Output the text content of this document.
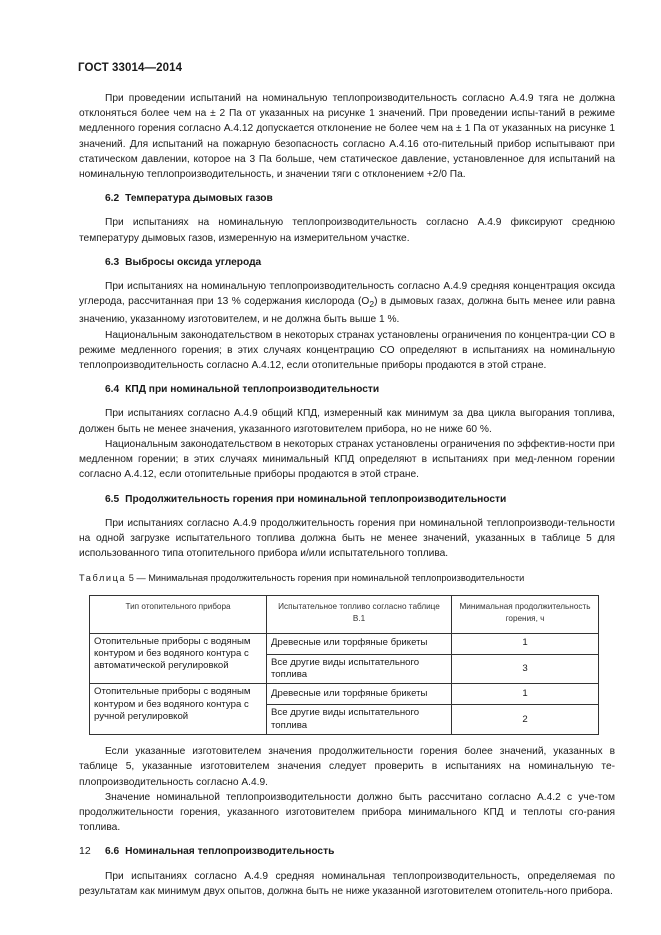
ГОСТ 33014—2014

При проведении испытаний на номинальную теплопроизводительность согласно А.4.9 тяга не должна отклоняться более чем на ± 2 Па от указанных на рисунке 1 значений. При проведении испы-таний в режиме медленного горения согласно А.4.12 допускается отклонение не более чем на ± 1 Па от указанных на рисунке 1 значений. Для испытаний на пожарную безопасность согласно А.4.16 ото-пительный прибор испытывают при статическом давлении, которое на 3 Па больше, чем статическое давление, установленное для испытаний на номинальную теплопроизводительность, и значении тяги с отклонением +2/0 Па.

6.2 Температура дымовых газов

При испытаниях на номинальную теплопроизводительность согласно А.4.9 фиксируют среднюю температуру дымовых газов, измеренную на измерительном участке.

6.3 Выбросы оксида углерода

При испытаниях на номинальную теплопроизводительность согласно А.4.9 средняя концентрация оксида углерода, рассчитанная при 13 % содержания кислорода $(O_2)$ в дымовых газах, должна быть менее или равна значению, указанному изготовителем, и не должна быть выше 1 %.

Национальным законодательством в некоторых странах установлены ограничения по концентра-ции СО в режиме медленного горения; в этих случаях концентрацию СО определяют в испытаниях на номинальную теплопроизводительность согласно А.4.12, если отопительные приборы продаются в этой стране.

6.4 КПД при номинальной теплопроизводительности

При испытаниях согласно А.4.9 общий КПД, измеренный как минимум за два цикла выгорания топлива, должен быть не менее значения, указанного изготовителем прибора, но не ниже 60 %.

Национальным законодательством в некоторых странах установлены ограничения по эффектив-ности при медленном горении; в этих случаях минимальный КПД определяют в испытаниях при мед-ленном горении согласно А.4.12, если отопительные приборы продаются в этой стране.

6.5 Продолжительность горения при номинальной теплопроизводительности

При испытаниях согласно А.4.9 продолжительность горения при номинальной теплопроизводи-тельности на одной загрузке испытательного топлива должна быть не менее значений, указанных в таблице 5 для использованного типа отопительного прибора и/или испытательного топлива.

Таблица 5 — Минимальная продолжительность горения при номинальной теплопроизводительности
Тип отопительного прибора	Испытательное топливо согласно таблице В.1	Минимальная продолжительность горения, ч
Отопительные приборы с водяным контуром и без водяного контура с автоматической регулировкой	Древесные или торфяные брикеты	1
	Все другие виды испытательного топлива	3
Отопительные приборы с водяным контуром и без водяного контура с ручной регулировкой	Древесные или торфяные брикеты	1
	Все другие виды испытательного топлива	2

Если указанные изготовителем значения продолжительности горения более значений, указанных в таблице 5, указанные изготовителем значения следует проверить в испытаниях на номинальную те-плопроизводительность согласно А.4.9.

Значение номинальной теплопроизводительности должно быть рассчитано согласно А.4.2 с уче-том продолжительности горения, указанного изготовителем прибора минимального КПД и теплоты сго-рания топлива.

6.6 Номинальная теплопроизводительность

При испытаниях согласно А.4.9 средняя номинальная теплопроизводительность, определяемая по результатам как минимум двух опытов, должна быть не ниже указанной изготовителем отопитель-ного прибора.

12
